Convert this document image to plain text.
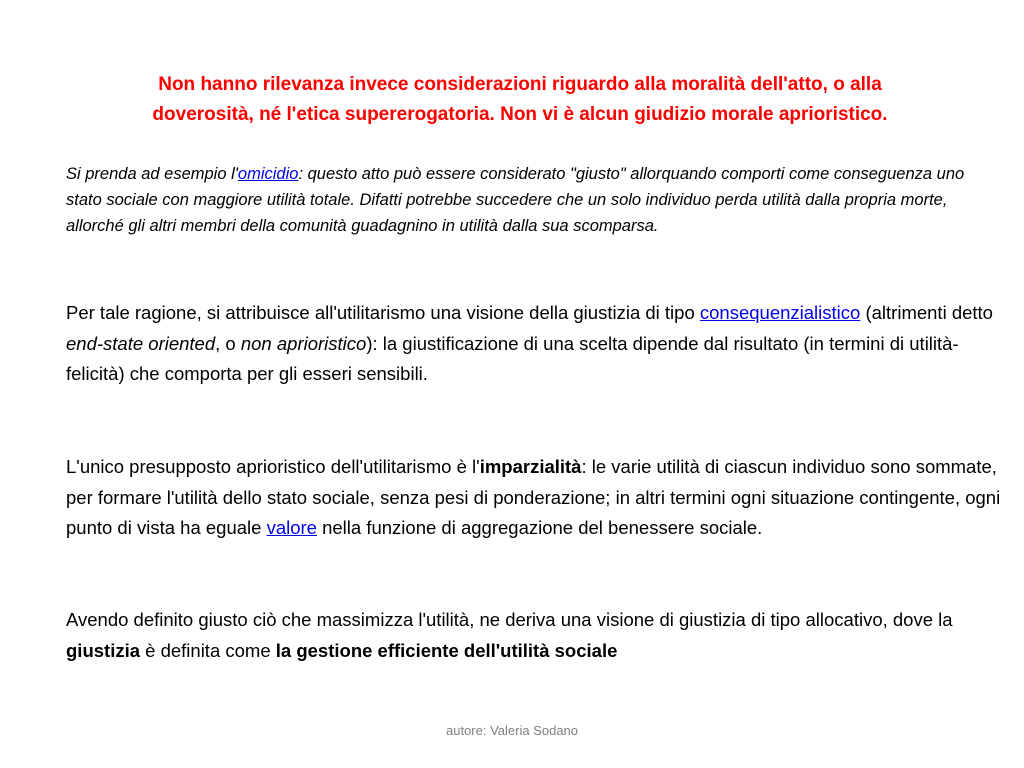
Non hanno rilevanza invece considerazioni riguardo alla moralità dell'atto, o alla
doverosità, né l'etica supererogatoria. Non vi è alcun giudizio morale aprioristico.
Si prenda ad esempio l'omicidio: questo atto può essere considerato "giusto" allorquando comporti come conseguenza uno stato sociale con maggiore utilità totale. Difatti potrebbe succedere che un solo individuo perda utilità dalla propria morte, allorché gli altri membri della comunità guadagnino in utilità dalla sua scomparsa.
Per tale ragione, si attribuisce all'utilitarismo una visione della giustizia di tipo consequenzialistico (altrimenti detto end-state oriented, o non aprioristico): la giustificazione di una scelta dipende dal risultato (in termini di utilità-felicità) che comporta per gli esseri sensibili.
L'unico presupposto aprioristico dell'utilitarismo è l'imparzialità: le varie utilità di ciascun individuo sono sommate, per formare l'utilità dello stato sociale, senza pesi di ponderazione; in altri termini ogni situazione contingente, ogni punto di vista ha eguale valore nella funzione di aggregazione del benessere sociale.
Avendo definito giusto ciò che massimizza l'utilità, ne deriva una visione di giustizia di tipo allocativo, dove la giustizia è definita come la gestione efficiente dell'utilità sociale
autore: Valeria Sodano
